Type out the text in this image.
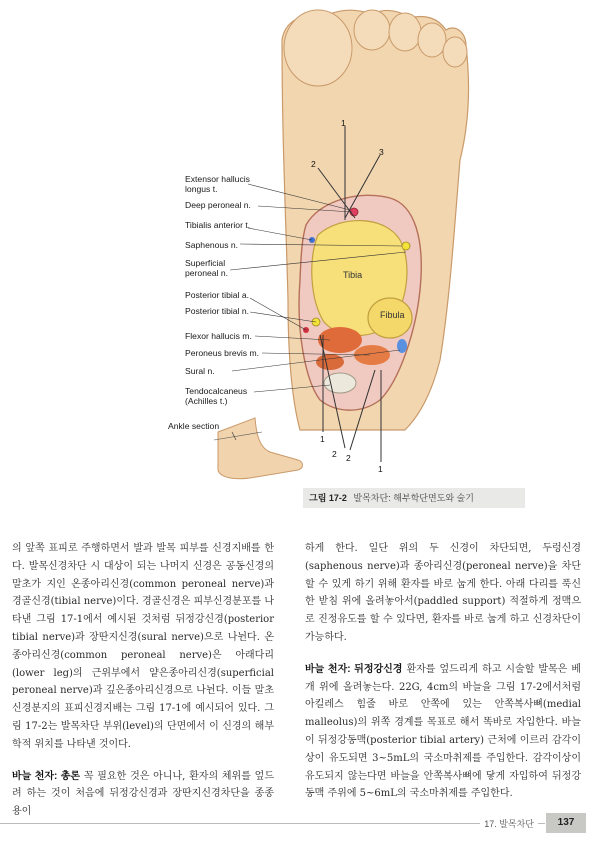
Extensor hallucis longus t.
Deep peroneal n.
Tibialis anterior t.
Saphenous n.
Superficial peroneal n.
Posterior tibial a.
Posterior tibial n.
Flexor hallucis m.
Peroneus brevis m.
Sural n.
Tendocalcaneus (Achilles t.)
Ankle section
Tibia
Fibula
1
2
3
1
2 2
1
그림 17-2 발목차단: 해부학단면도와 술기

의 앞쪽 표피로 주행하면서 발과 발목 피부를 신경지배를 한다. 발목신경차단 시 대상이 되는 나머지 신경은 공동신경의 말초가 지인 온종아리신경(common peroneal nerve)과 경골신경(tibial nerve)이다. 경골신경은 피부신경분포를 나타낸 그림 17-1에서 예시된 것처럼 뒤정강신경(posterior tibial nerve)과 장딴지신경(sural nerve)으로 나뉜다. 온종아리신경(common peroneal nerve)은 아래다리(lower leg)의 근위부에서 얕은종아리신경(superficial peroneal nerve)과 깊은종아리신경으로 나뉜다. 이들 말초신경분지의 표피신경지배는 그림 17-1에 예시되어 있다. 그림 17-2는 발목차단 부위(level)의 단면에서 이 신경의 해부학적 위치를 나타낸 것이다.

바늘 천자: 총론 꼭 필요한 것은 아니나, 환자의 체위를 엎드려 하는 것이 처음에 뒤정강신경과 장딴지신경차단을 종종 용이

하게 한다. 일단 위의 두 신경이 차단되면, 두렁신경(saphenous nerve)과 종아리신경(peroneal nerve)을 차단할 수 있게 하기 위해 환자를 바로 눕게 한다. 아래 다리를 푹신한 받침 위에 올려놓아서(paddled support) 적절하게 정맥으로 진정유도를 할 수 있다면, 환자를 바로 눕게 하고 신경차단이 가능하다.

바늘 천자: 뒤정강신경 환자를 엎드리게 하고 시술할 발목은 베개 위에 올려놓는다. 22G, 4cm의 바늘을 그림 17-2에서처럼 아킬레스 힘줄 바로 안쪽에 있는 안쪽복사뼈(medial malleolus)의 위쪽 경계를 목표로 해서 똑바로 자입한다. 바늘이 뒤정강동맥(posterior tibial artery) 근처에 이르러 감각이상이 유도되면 3~5mL의 국소마취제를 주입한다. 감각이상이 유도되지 않는다면 바늘을 안쪽복사뼈에 닿게 자입하여 뒤정강동맥 주위에 5~6mL의 국소마취제를 주입한다.

17. 발목차단	137
